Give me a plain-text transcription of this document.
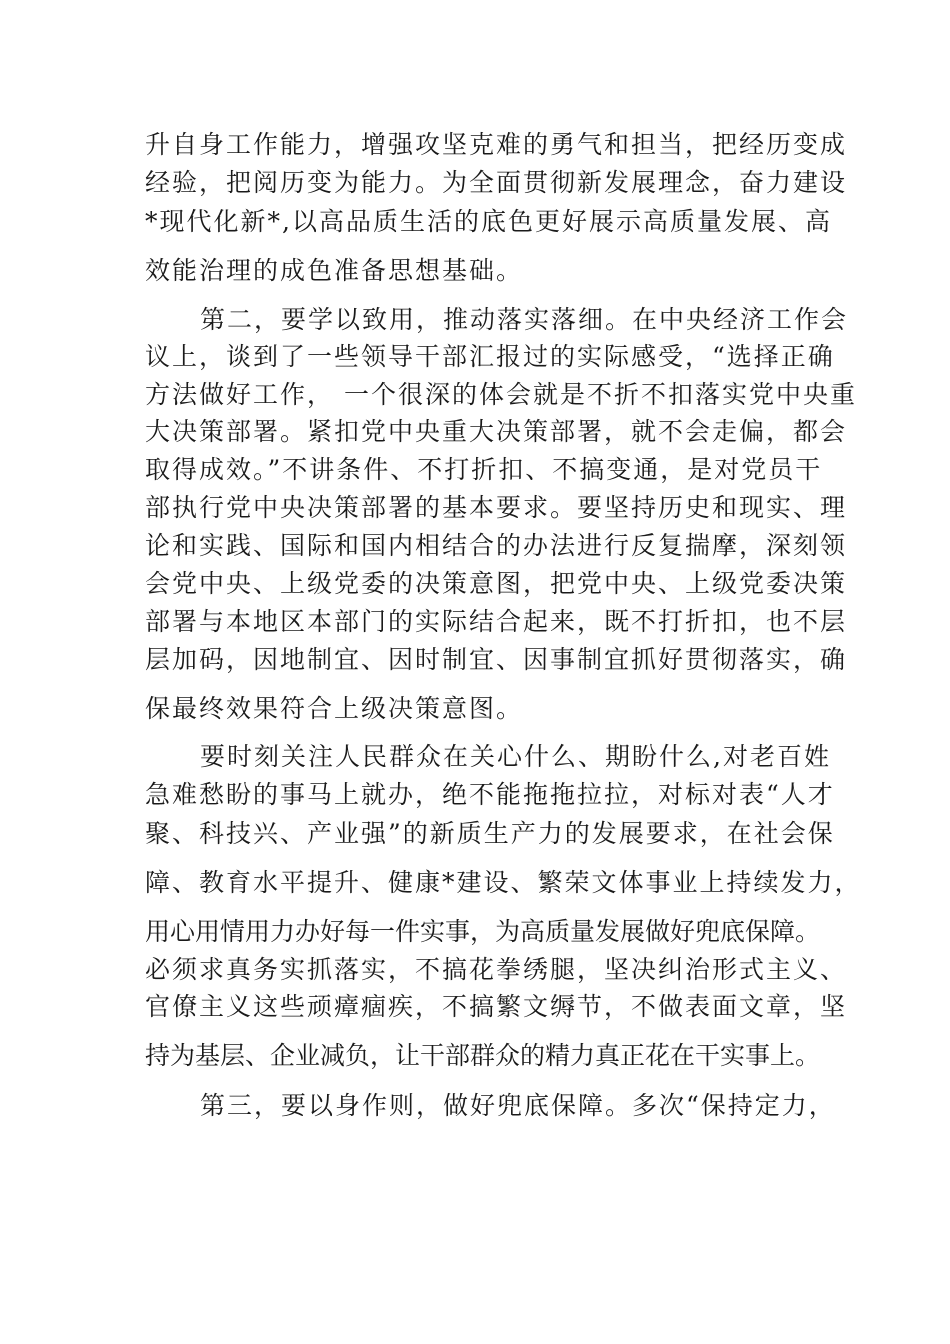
升自身工作能力，增强攻坚克难的勇气和担当，把经历变成
经验，把阅历变为能力。为全面贯彻新发展理念，奋力建设
*现代化新*,以高品质生活的底色更好展示高质量发展、高
效能治理的成色准备思想基础。
第二，要学以致用，推动落实落细。在中央经济工作会
议上，谈到了一些领导干部汇报过的实际感受，“选择正确
方法做好工作， 一个很深的体会就是不折不扣落实党中央重
大决策部署。紧扣党中央重大决策部署，就不会走偏，都会
取得成效。”不讲条件、不打折扣、不搞变通，是对党员干
部执行党中央决策部署的基本要求。要坚持历史和现实、理
论和实践、国际和国内相结合的办法进行反复揣摩，深刻领
会党中央、上级党委的决策意图，把党中央、上级党委决策
部署与本地区本部门的实际结合起来，既不打折扣，也不层
层加码，因地制宜、因时制宜、因事制宜抓好贯彻落实，确
保最终效果符合上级决策意图。
要时刻关注人民群众在关心什么、期盼什么,对老百姓
急难愁盼的事马上就办，绝不能拖拖拉拉，对标对表“人才
聚、科技兴、产业强”的新质生产力的发展要求，在社会保
障、教育水平提升、健康*建设、繁荣文体事业上持续发力，
用心用情用力办好每一件实事，为高质量发展做好兜底保障。
必须求真务实抓落实，不搞花拳绣腿，坚决纠治形式主义、
官僚主义这些顽瘴痼疾，不搞繁文缛节，不做表面文章，坚
持为基层、企业减负，让干部群众的精力真正花在干实事上。
第三，要以身作则，做好兜底保障。多次“保持定力，
